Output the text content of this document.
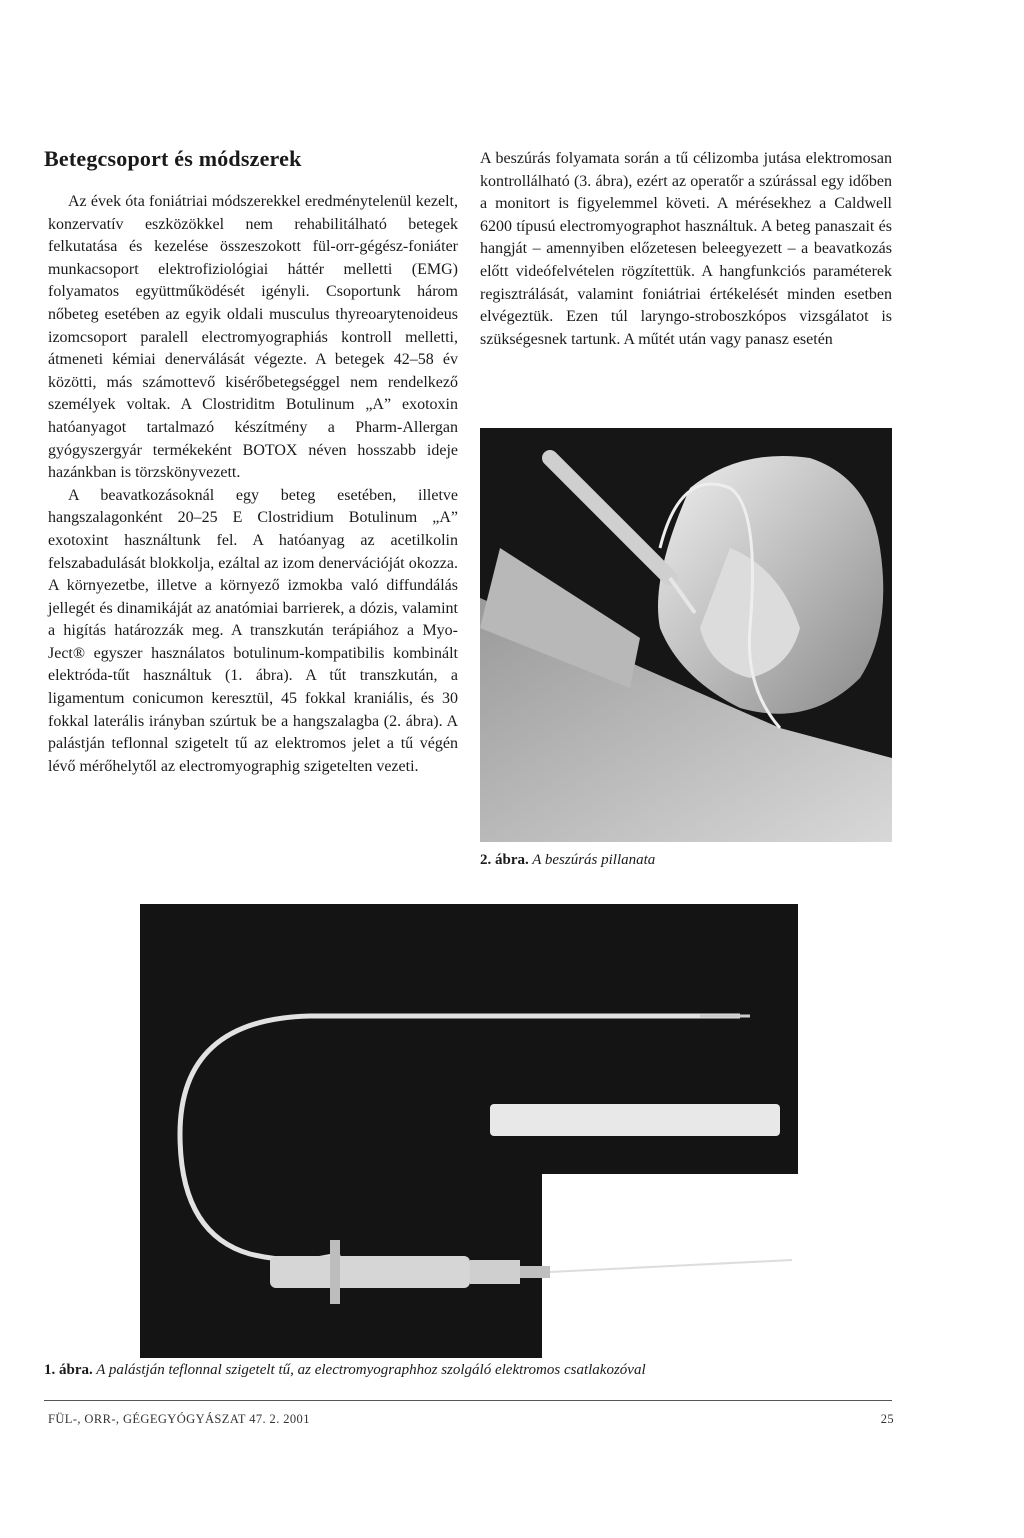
Betegcsoport és módszerek

Az évek óta foniátriai módszerekkel eredménytelenül kezelt, konzervatív eszközökkel nem rehabilitálható betegek felkutatása és kezelése összeszokott fül-orr-gégész-foniáter munkacsoport elektrofiziológiai háttér melletti (EMG) folyamatos együttműködését igényli. Csoportunk három nőbeteg esetében az egyik oldali musculus thyreoarytenoideus izomcsoport paralell electromyographiás kontroll melletti, átmeneti kémiai denerválását végezte. A betegek 42–58 év közötti, más számottevő kisérőbetegséggel nem rendelkező személyek voltak. A Clostriditm Botulinum „A” exotoxin hatóanyagot tartalmazó készítmény a Pharm-Allergan gyógyszergyár termékeként BOTOX néven hosszabb ideje hazánkban is törzskönyvezett.

A beavatkozásoknál egy beteg esetében, illetve hangszalagonként 20–25 E Clostridium Botulinum „A” exotoxint használtunk fel. A hatóanyag az acetilkolin felszabadulását blokkolja, ezáltal az izom denervációját okozza. A környezetbe, illetve a környező izmokba való diffundálás jellegét és dinamikáját az anatómiai barrierek, a dózis, valamint a higítás határozzák meg. A transzkután terápiához a Myo-Ject® egyszer használatos botulinum-kompatibilis kombinált elektróda-tűt használtuk (1. ábra). A tűt transzkután, a ligamentum conicumon keresztül, 45 fokkal kraniális, és 30 fokkal laterális irányban szúrtuk be a hangszalagba (2. ábra). A palástján teflonnal szigetelt tű az elektromos jelet a tű végén lévő mérőhelytől az electromyographig szigetelten vezeti.

A beszúrás folyamata során a tű célizomba jutása elektromosan kontrollálható (3. ábra), ezért az operatőr a szúrással egy időben a monitort is figyelemmel követi. A mérésekhez a Caldwell 6200 típusú electromyographot használtuk. A beteg panaszait és hangját – amennyiben előzetesen beleegyezett – a beavatkozás előtt videófelvételen rögzítettük. A hangfunkciós paraméterek regisztrálását, valamint foniátriai értékelését minden esetben elvégeztük. Ezen túl laryngo-stroboszkópos vizsgálatot is szükségesnek tartunk. A műtét után vagy panasz esetén

2. ábra. A beszúrás pillanata
1. ábra. A palástján teflonnal szigetelt tű, az electromyographhoz szolgáló elektromos csatlakozóval
FÜL-, ORR-, GÉGEGYÓGYÁSZAT 47. 2. 2001	25
